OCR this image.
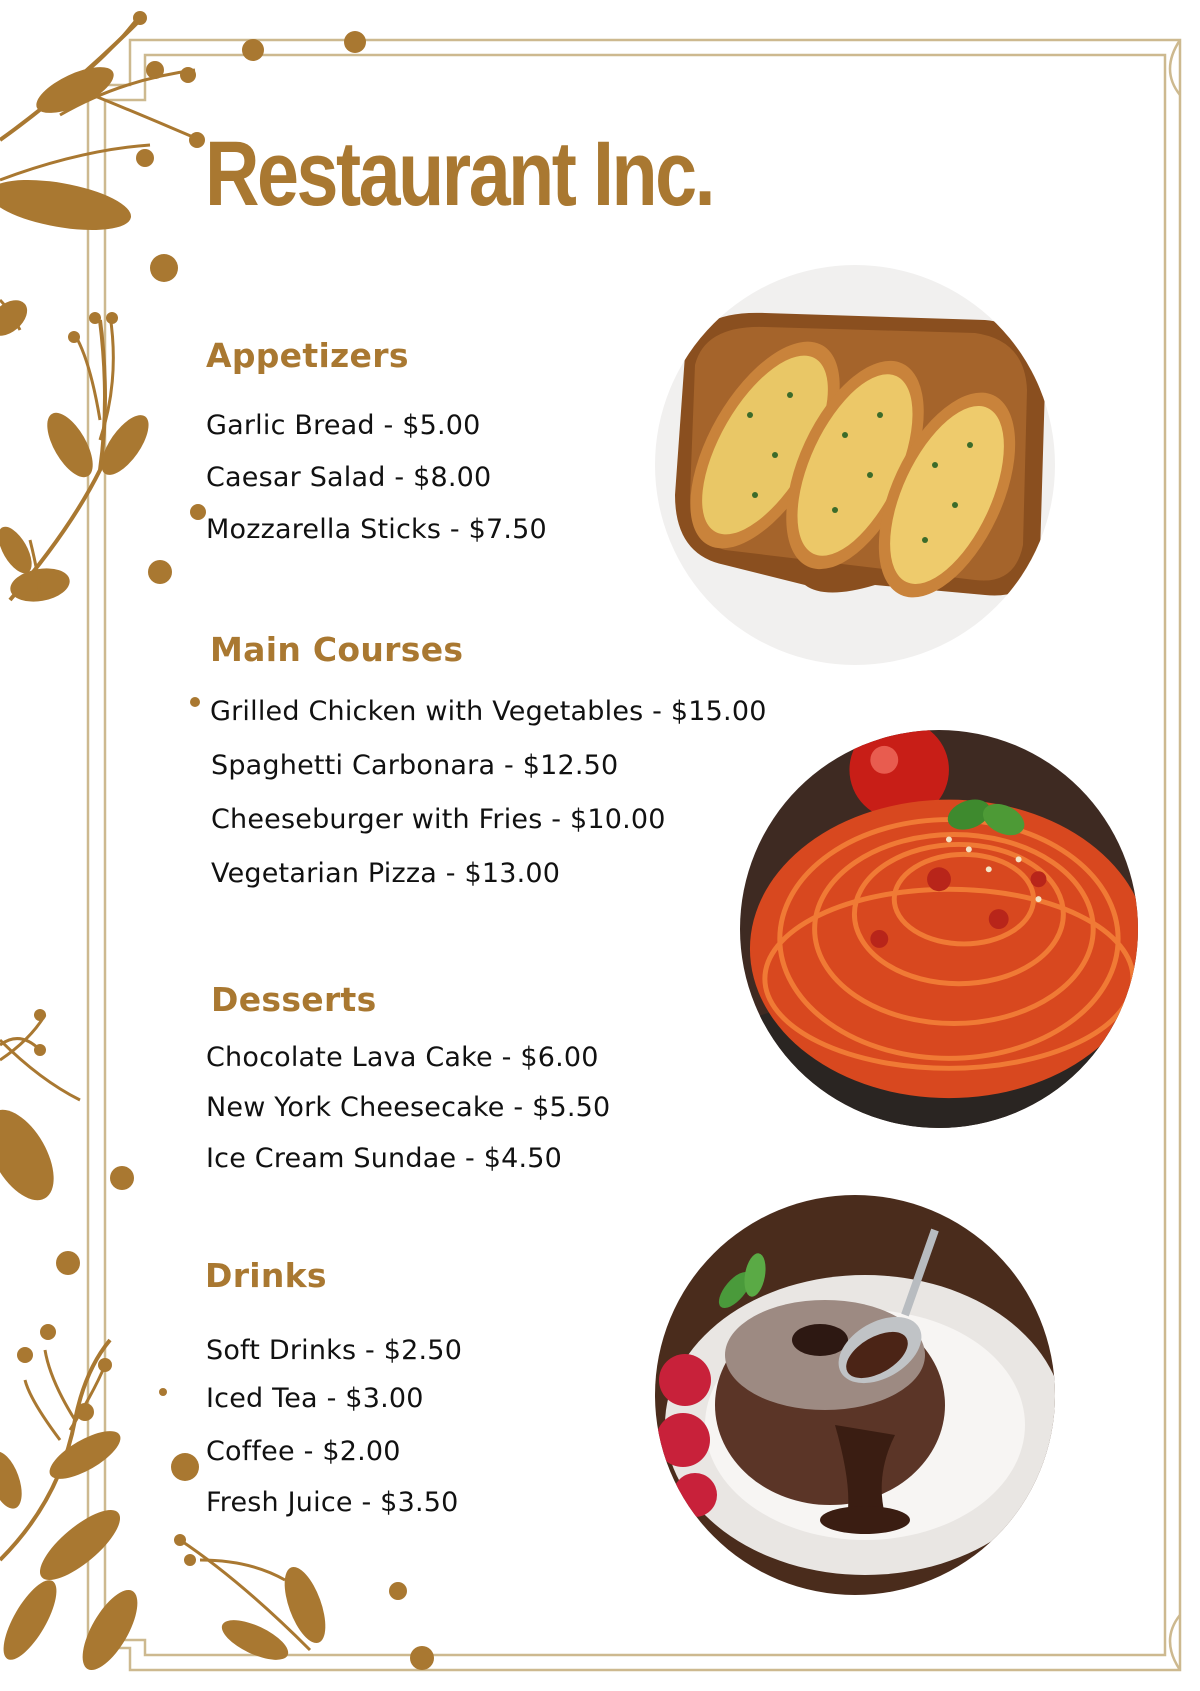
Restaurant Inc.
Appetizers
Garlic Bread - $5.00
Caesar Salad - $8.00
Mozzarella Sticks - $7.50
Main Courses
Grilled Chicken with Vegetables - $15.00
Spaghetti Carbonara - $12.50
Cheeseburger with Fries - $10.00
Vegetarian Pizza - $13.00
Desserts
Chocolate Lava Cake - $6.00
New York Cheesecake - $5.50
Ice Cream Sundae - $4.50
Drinks
Soft Drinks - $2.50
Iced Tea - $3.00
Coffee - $2.00
Fresh Juice - $3.50
